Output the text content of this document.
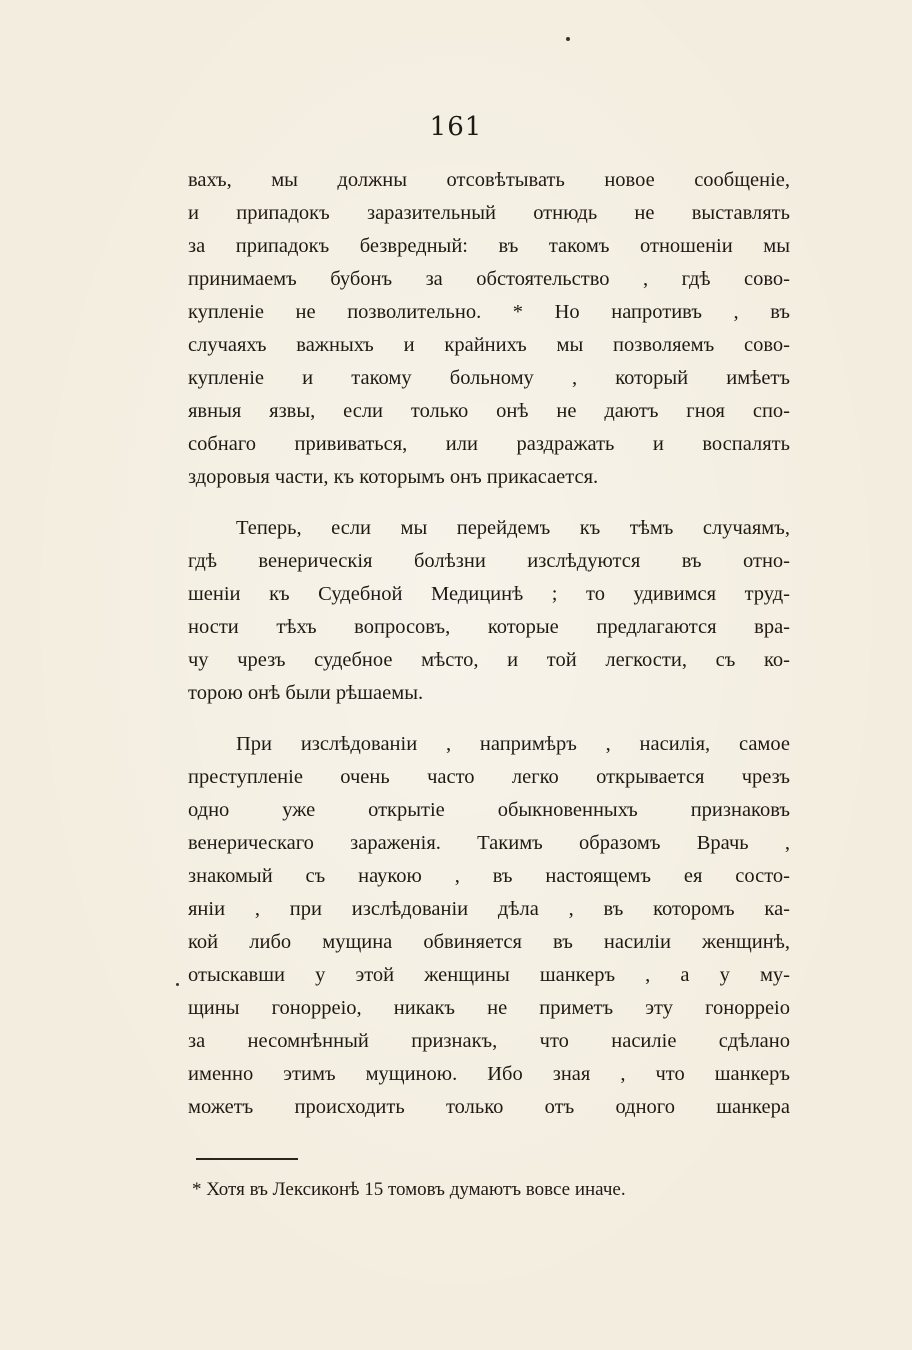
161
вахъ, мы должны отсовѣтывать новое сообщеніе,
и припадокъ заразительный отнюдь не выставлять
за припадокъ безвредный: въ такомъ отношеніи мы
принимаемъ бубонъ за обстоятельство , гдѣ сово-
купленіе не позволительно. * Но напротивъ , въ
случаяхъ важныхъ и крайнихъ мы позволяемъ сово-
купленіе и такому больному , который имѣетъ
явныя язвы, если только онѣ не даютъ гноя спо-
собнаго прививаться, или раздражать и воспалять
здоровыя части, къ которымъ онъ прикасается.
Теперь, если мы перейдемъ къ тѣмъ случаямъ,
гдѣ венерическія болѣзни изслѣдуются въ отно-
шеніи къ Судебной Медицинѣ ; то удивимся труд-
ности тѣхъ вопросовъ, которые предлагаются вра-
чу чрезъ судебное мѣсто, и той легкости, съ ко-
торою онѣ были рѣшаемы.
При изслѣдованіи , напримѣръ , насилія, самое
преступленіе очень часто легко открывается чрезъ
одно уже открытіе обыкновенныхъ признаковъ
венерическаго зараженія. Такимъ образомъ Врачь ,
знакомый съ наукою , въ настоящемъ ея состо-
яніи , при изслѣдованіи дѣла , въ которомъ ка-
кой либо мущина обвиняется въ насиліи женщинѣ,
отыскавши у этой женщины шанкеръ , а у му-
щины гонорреio, никакъ не приметъ эту гонорреio
за несомнѣнный признакъ, что насиліе сдѣлано
именно этимъ мущиною. Ибо зная , что шанкеръ
можетъ происходить только отъ одного шанкера
* Хотя въ Лексиконѣ 15 томовъ думаютъ вовсе иначе.
